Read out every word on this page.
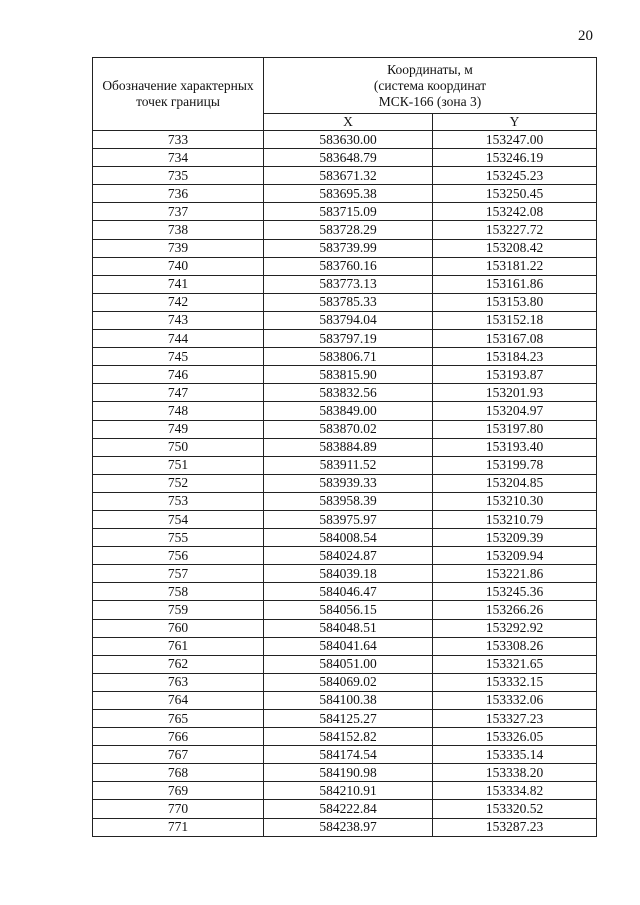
20
Обозначение характерных точек границы	Координаты, м
(система координат
МСК-166 (зона 3)	
	X	Y
733	583630.00	153247.00
734	583648.79	153246.19
735	583671.32	153245.23
736	583695.38	153250.45
737	583715.09	153242.08
738	583728.29	153227.72
739	583739.99	153208.42
740	583760.16	153181.22
741	583773.13	153161.86
742	583785.33	153153.80
743	583794.04	153152.18
744	583797.19	153167.08
745	583806.71	153184.23
746	583815.90	153193.87
747	583832.56	153201.93
748	583849.00	153204.97
749	583870.02	153197.80
750	583884.89	153193.40
751	583911.52	153199.78
752	583939.33	153204.85
753	583958.39	153210.30
754	583975.97	153210.79
755	584008.54	153209.39
756	584024.87	153209.94
757	584039.18	153221.86
758	584046.47	153245.36
759	584056.15	153266.26
760	584048.51	153292.92
761	584041.64	153308.26
762	584051.00	153321.65
763	584069.02	153332.15
764	584100.38	153332.06
765	584125.27	153327.23
766	584152.82	153326.05
767	584174.54	153335.14
768	584190.98	153338.20
769	584210.91	153334.82
770	584222.84	153320.52
771	584238.97	153287.23
